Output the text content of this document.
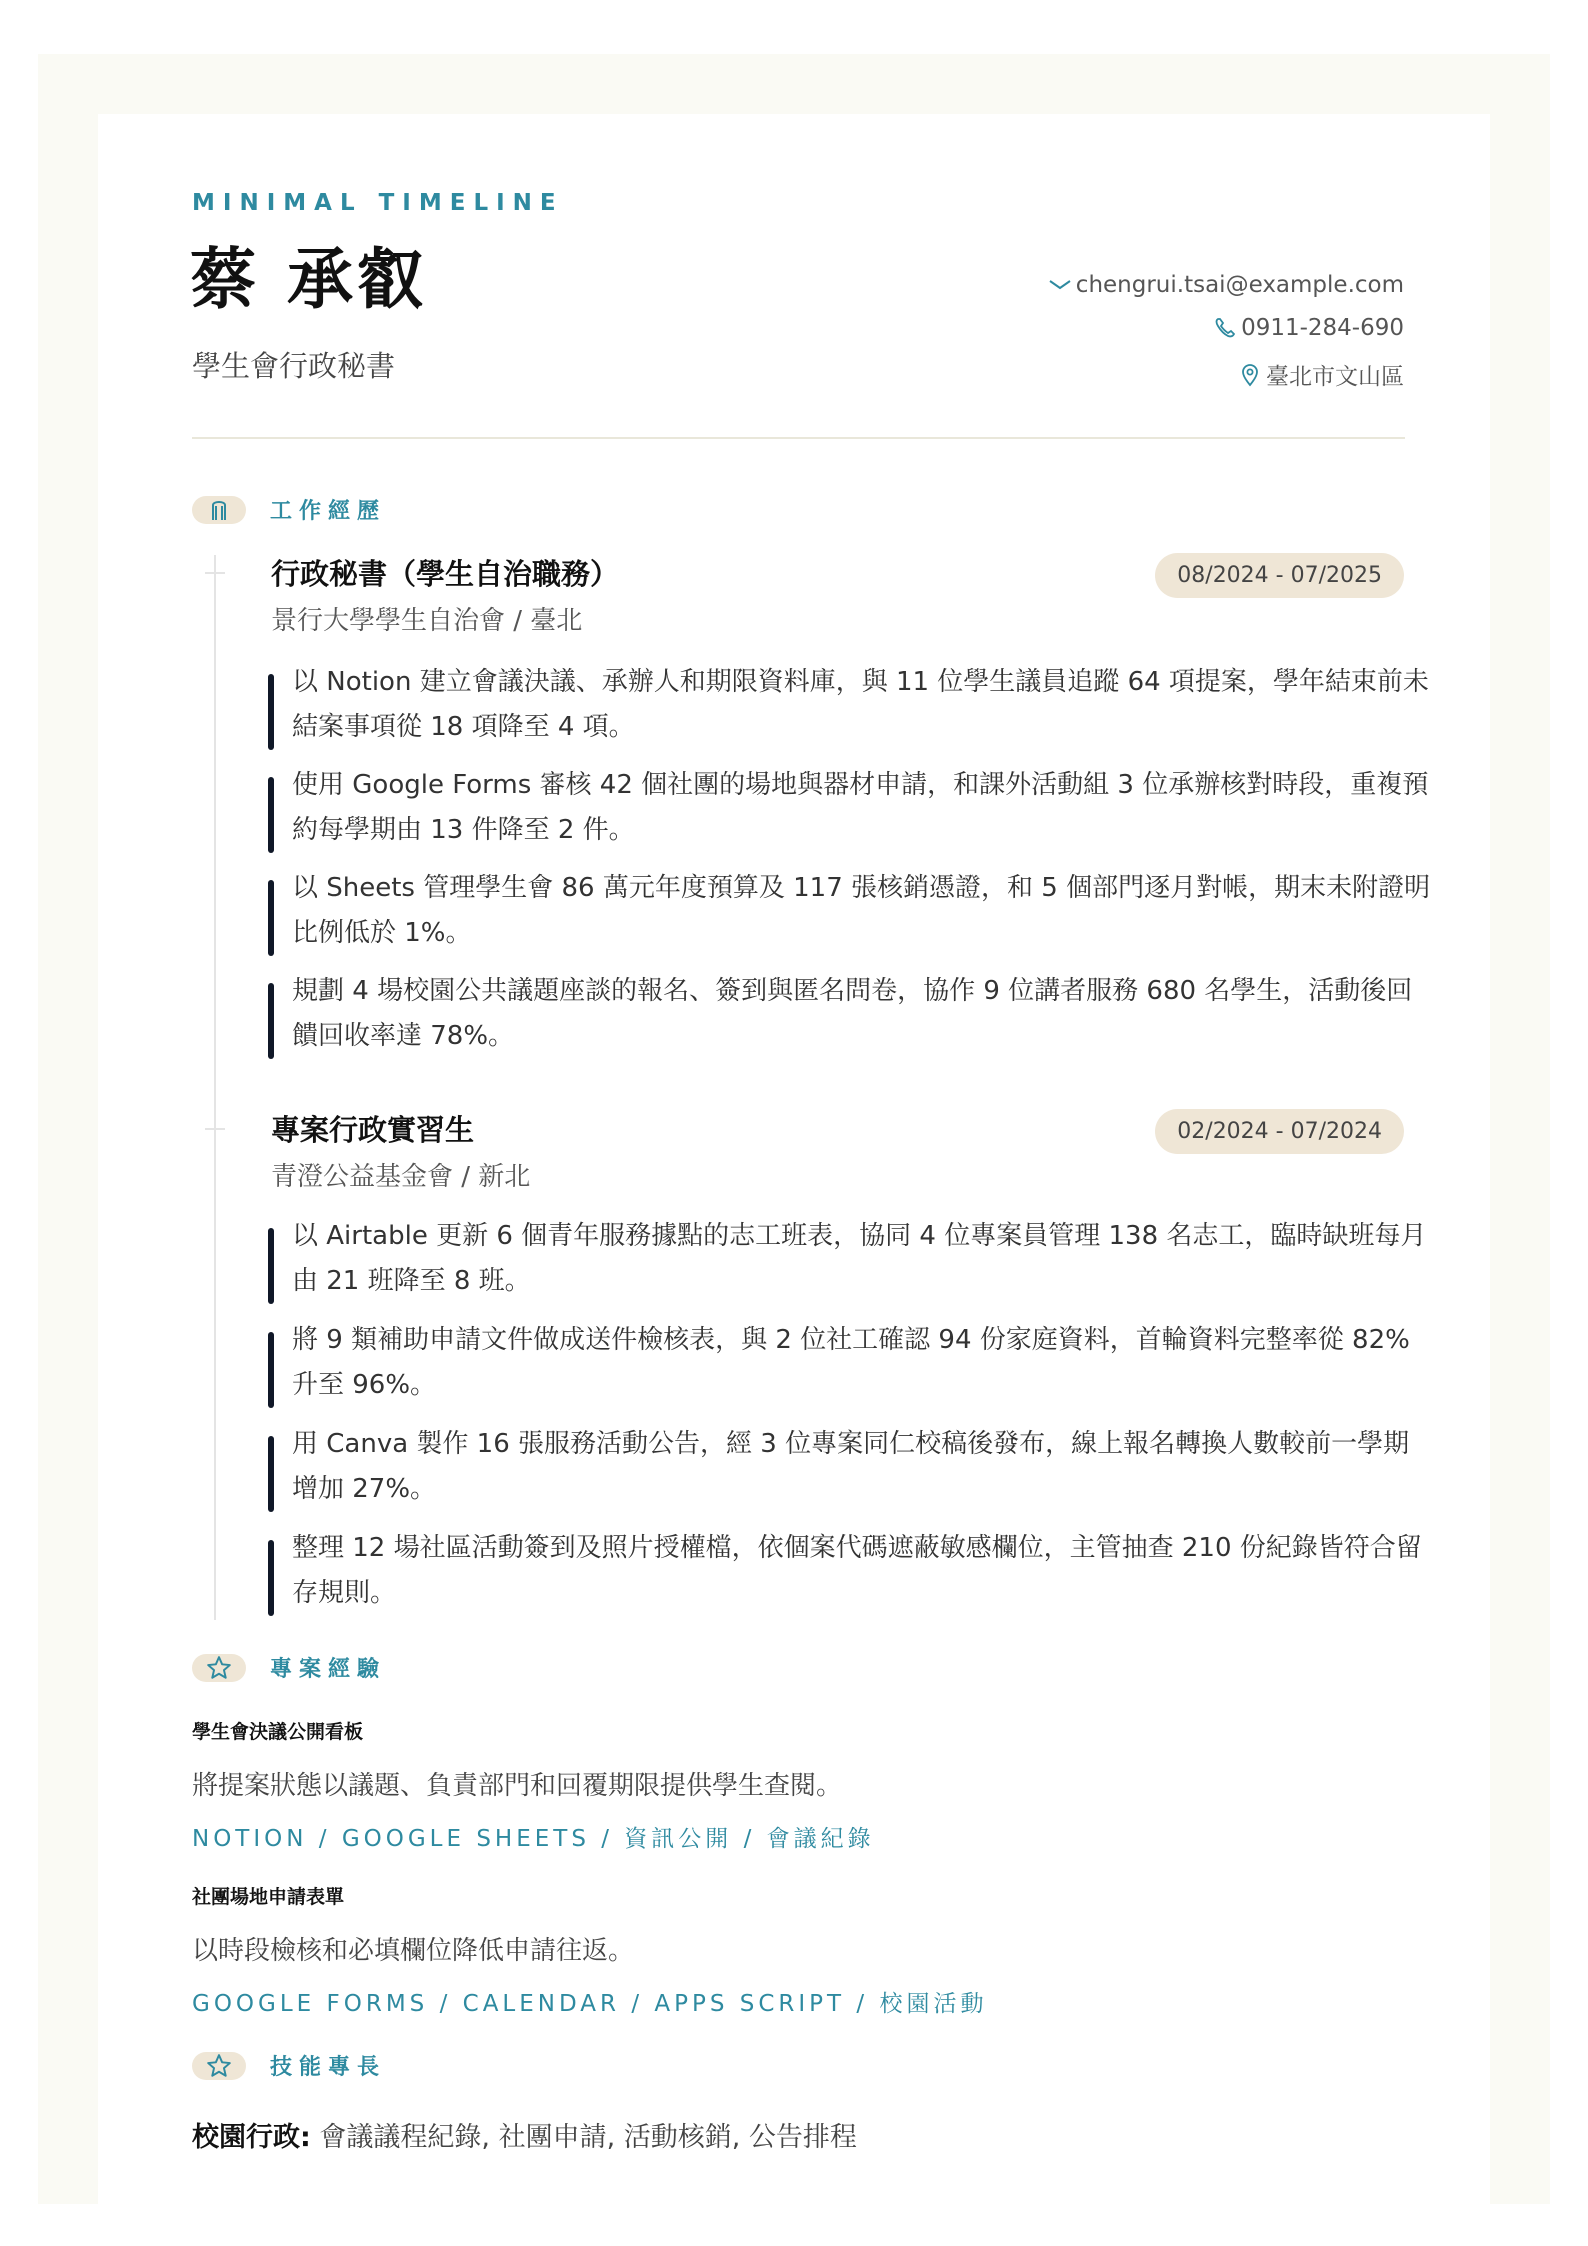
MINIMAL TIMELINE
蔡 承叡
學生會行政秘書
chengrui.tsai@example.com
0911-284-690
臺北市文山區
工作經歷
行政秘書（學生自治職務）
景行大學學生自治會 / 臺北
08/2024 - 07/2025
以 Notion 建立會議決議、承辦人和期限資料庫，與 11 位學生議員追蹤 64 項提案，學年結束前未結案事項從 18 項降至 4 項。
使用 Google Forms 審核 42 個社團的場地與器材申請，和課外活動組 3 位承辦核對時段，重複預約每學期由 13 件降至 2 件。
以 Sheets 管理學生會 86 萬元年度預算及 117 張核銷憑證，和 5 個部門逐月對帳，期末未附證明比例低於 1%。
規劃 4 場校園公共議題座談的報名、簽到與匿名問卷，協作 9 位講者服務 680 名學生，活動後回饋回收率達 78%。
專案行政實習生
青澄公益基金會 / 新北
02/2024 - 07/2024
以 Airtable 更新 6 個青年服務據點的志工班表，協同 4 位專案員管理 138 名志工，臨時缺班每月由 21 班降至 8 班。
將 9 類補助申請文件做成送件檢核表，與 2 位社工確認 94 份家庭資料，首輪資料完整率從 82% 升至 96%。
用 Canva 製作 16 張服務活動公告，經 3 位專案同仁校稿後發布，線上報名轉換人數較前一學期增加 27%。
整理 12 場社區活動簽到及照片授權檔，依個案代碼遮蔽敏感欄位，主管抽查 210 份紀錄皆符合留存規則。
專案經驗
學生會決議公開看板
將提案狀態以議題、負責部門和回覆期限提供學生查閱。
NOTION / GOOGLE SHEETS / 資訊公開 / 會議紀錄
社團場地申請表單
以時段檢核和必填欄位降低申請往返。
GOOGLE FORMS / CALENDAR / APPS SCRIPT / 校園活動
技能專長
校園行政: 會議議程紀錄, 社團申請, 活動核銷, 公告排程
